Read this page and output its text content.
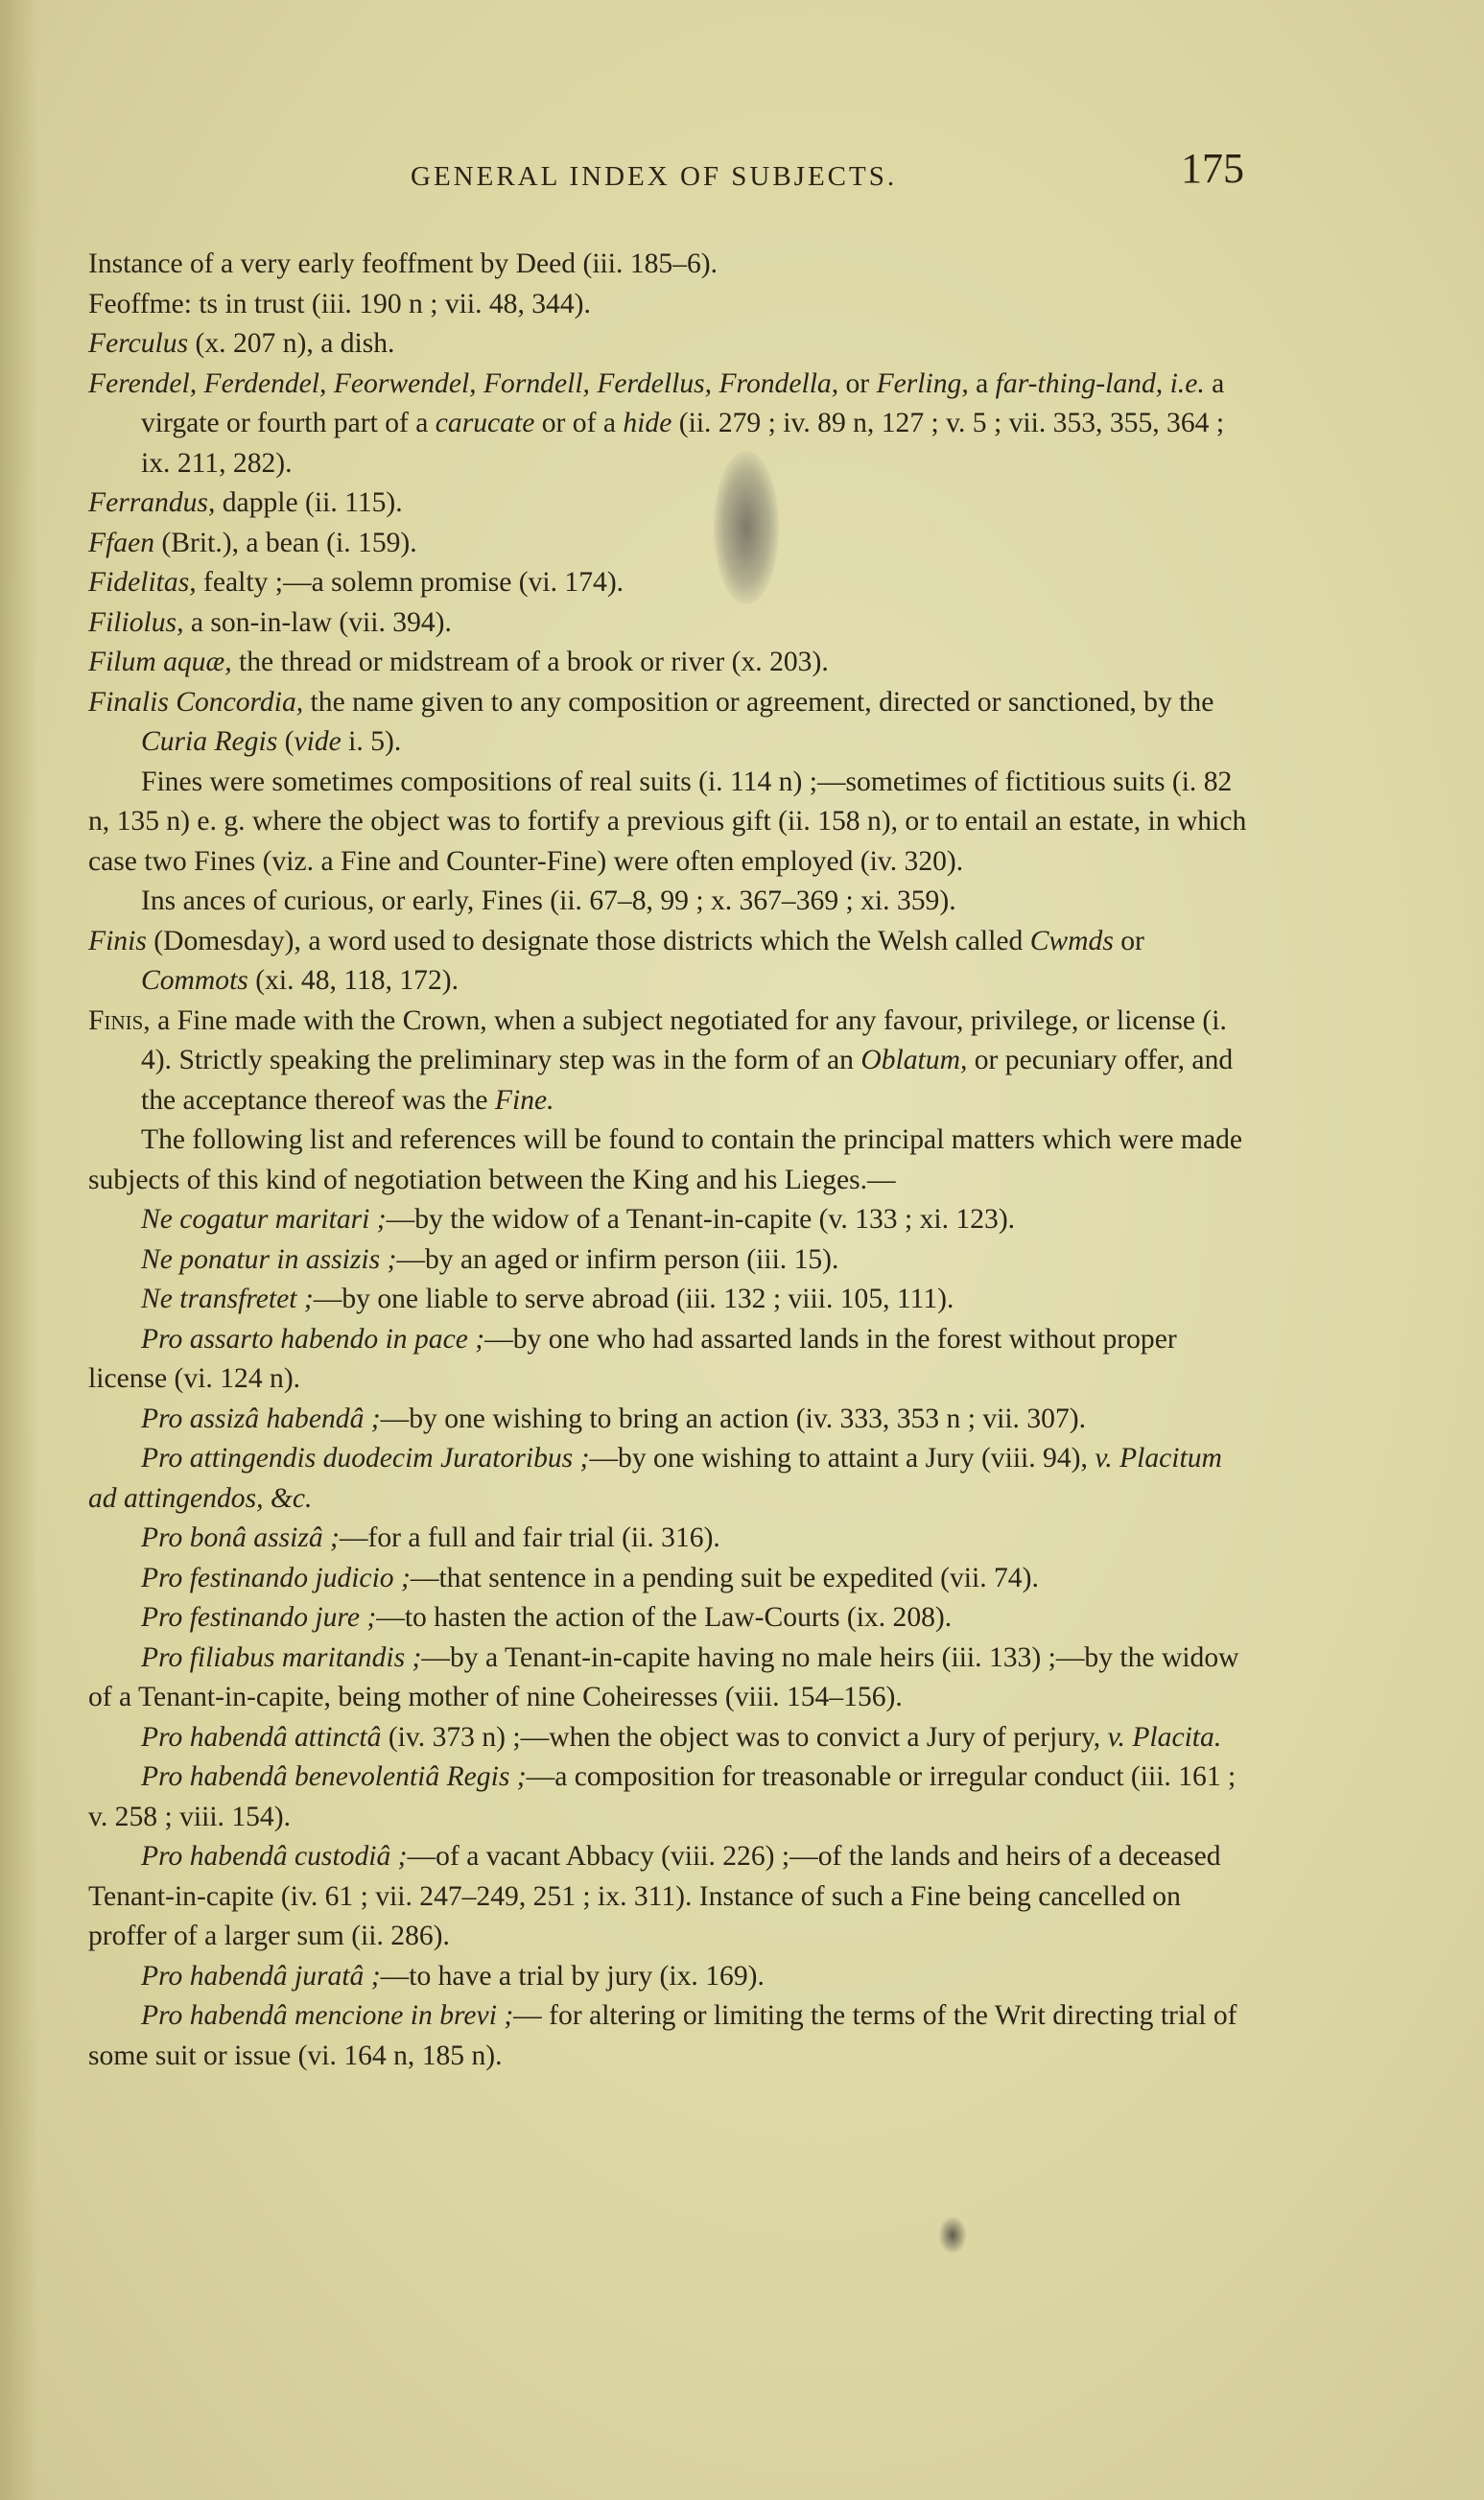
GENERAL INDEX OF SUBJECTS.	175

Instance of a very early feoffment by Deed (iii. 185–6).

Feoffme: ts in trust (iii. 190 n ; vii. 48, 344).

Ferculus (x. 207 n), a dish.

Ferendel, Ferdendel, Feorwendel, Forndell, Ferdellus, Frondella, or Ferling, a far-thing-land, i.e. a virgate or fourth part of a carucate or of a hide (ii. 279 ; iv. 89 n, 127 ; v. 5 ; vii. 353, 355, 364 ; ix. 211, 282).

Ferrandus, dapple (ii. 115).

Ffaen (Brit.), a bean (i. 159).

Fidelitas, fealty ;—a solemn promise (vi. 174).

Filiolus, a son-in-law (vii. 394).

Filum aquæ, the thread or midstream of a brook or river (x. 203).

Finalis Concordia, the name given to any composition or agreement, directed or sanctioned, by the Curia Regis (vide i. 5).

Fines were sometimes compositions of real suits (i. 114 n) ;—sometimes of fictitious suits (i. 82 n, 135 n) e. g. where the object was to fortify a previous gift (ii. 158 n), or to entail an estate, in which case two Fines (viz. a Fine and Counter-Fine) were often employed (iv. 320).

Ins ances of curious, or early, Fines (ii. 67–8, 99 ; x. 367–369 ; xi. 359).

Finis (Domesday), a word used to designate those districts which the Welsh called Cwmds or Commots (xi. 48, 118, 172).

Finis, a Fine made with the Crown, when a subject negotiated for any favour, privilege, or license (i. 4). Strictly speaking the preliminary step was in the form of an Oblatum, or pecuniary offer, and the acceptance thereof was the Fine.

The following list and references will be found to contain the principal matters which were made subjects of this kind of negotiation between the King and his Lieges.—

Ne cogatur maritari ;—by the widow of a Tenant-in-capite (v. 133 ; xi. 123).

Ne ponatur in assizis ;—by an aged or infirm person (iii. 15).

Ne transfretet ;—by one liable to serve abroad (iii. 132 ; viii. 105, 111).

Pro assarto habendo in pace ;—by one who had assarted lands in the forest without proper license (vi. 124 n).

Pro assizâ habendâ ;—by one wishing to bring an action (iv. 333, 353 n ; vii. 307).

Pro attingendis duodecim Juratoribus ;—by one wishing to attaint a Jury (viii. 94), v. Placitum ad attingendos, &c.

Pro bonâ assizâ ;—for a full and fair trial (ii. 316).

Pro festinando judicio ;—that sentence in a pending suit be expedited (vii. 74).

Pro festinando jure ;—to hasten the action of the Law-Courts (ix. 208).

Pro filiabus maritandis ;—by a Tenant-in-capite having no male heirs (iii. 133) ;—by the widow of a Tenant-in-capite, being mother of nine Coheiresses (viii. 154–156).

Pro habendâ attinctâ (iv. 373 n) ;—when the object was to convict a Jury of perjury, v. Placita.

Pro habendâ benevolentiâ Regis ;—a composition for treasonable or irregular conduct (iii. 161 ; v. 258 ; viii. 154).

Pro habendâ custodiâ ;—of a vacant Abbacy (viii. 226) ;—of the lands and heirs of a deceased Tenant-in-capite (iv. 61 ; vii. 247–249, 251 ; ix. 311). Instance of such a Fine being cancelled on proffer of a larger sum (ii. 286).

Pro habendâ juratâ ;—to have a trial by jury (ix. 169).

Pro habendâ mencione in brevi ;— for altering or limiting the terms of the Writ directing trial of some suit or issue (vi. 164 n, 185 n).
